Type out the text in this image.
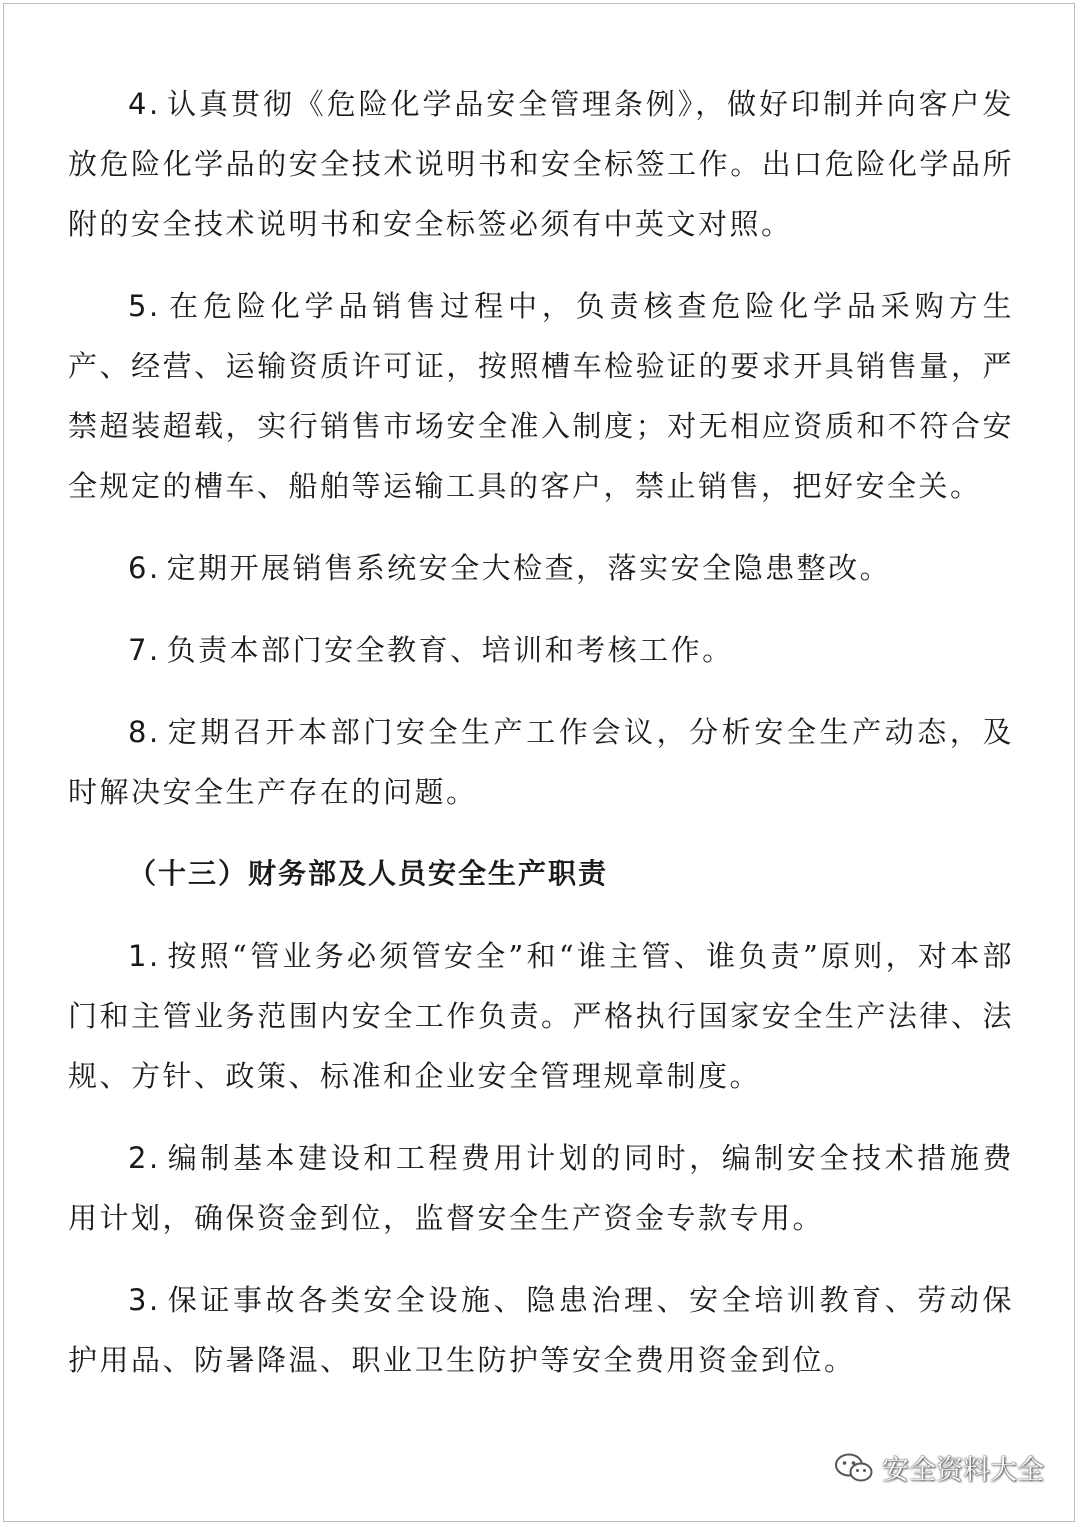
4. 认真贯彻《危险化学品安全管理条例》，做好印制并向客户发放危险化学品的安全技术说明书和安全标签工作。出口危险化学品所附的安全技术说明书和安全标签必须有中英文对照。

5. 在危险化学品销售过程中，负责核查危险化学品采购方生产、经营、运输资质许可证，按照槽车检验证的要求开具销售量，严禁超装超载，实行销售市场安全准入制度；对无相应资质和不符合安全规定的槽车、船舶等运输工具的客户，禁止销售，把好安全关。

6. 定期开展销售系统安全大检查，落实安全隐患整改。

7. 负责本部门安全教育、培训和考核工作。

8. 定期召开本部门安全生产工作会议，分析安全生产动态，及时解决安全生产存在的问题。

（十三）财务部及人员安全生产职责

1. 按照“管业务必须管安全”和“谁主管、谁负责”原则，对本部门和主管业务范围内安全工作负责。严格执行国家安全生产法律、法规、方针、政策、标准和企业安全管理规章制度。

2. 编制基本建设和工程费用计划的同时，编制安全技术措施费用计划，确保资金到位，监督安全生产资金专款专用。

3. 保证事故各类安全设施、隐患治理、安全培训教育、劳动保护用品、防暑降温、职业卫生防护等安全费用资金到位。

安全资料大全
